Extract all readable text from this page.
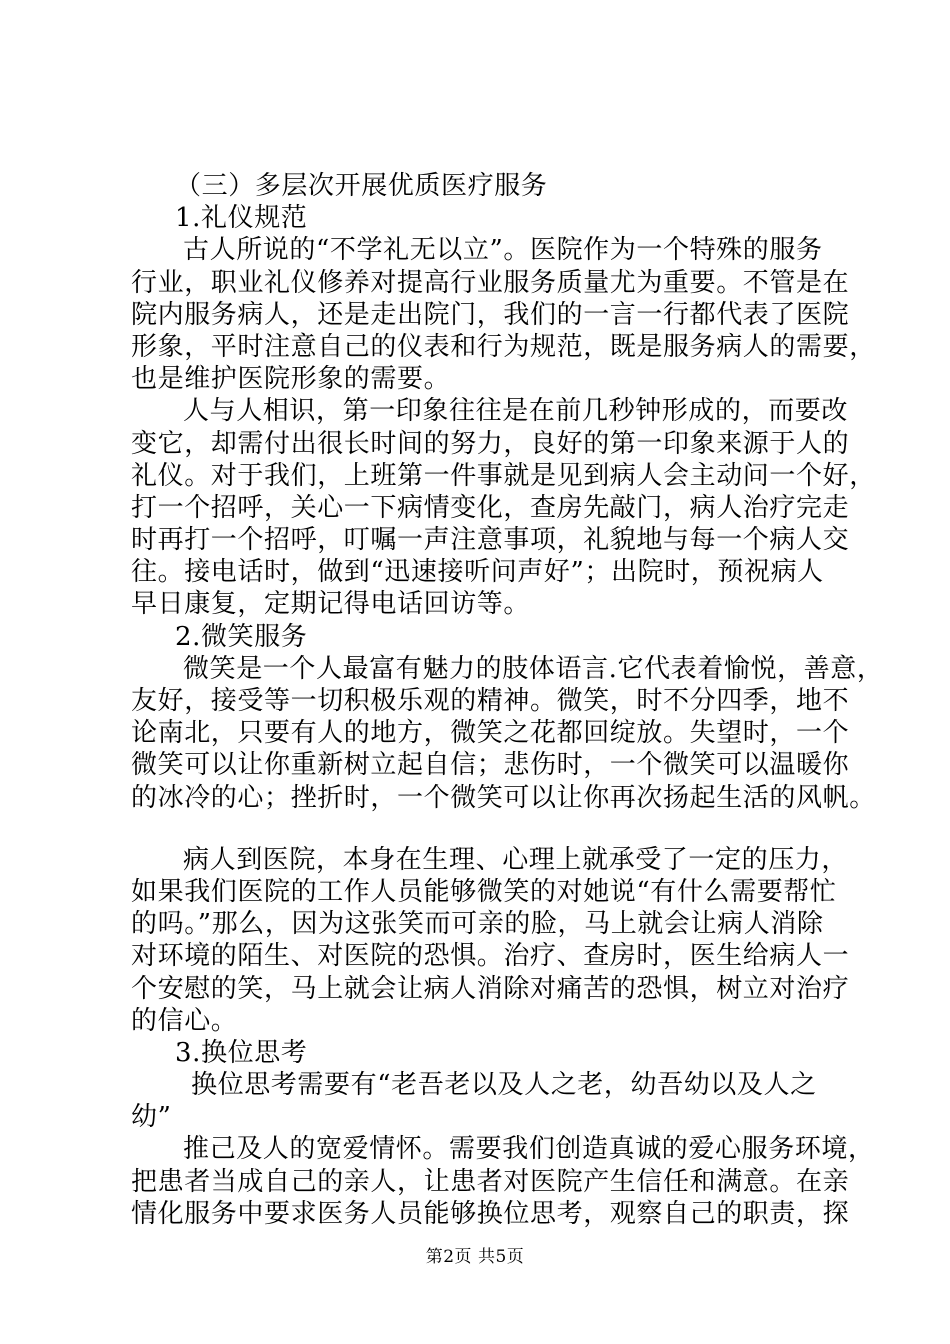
（三）多层次开展优质医疗服务
1.礼仪规范
古人所说的“不学礼无以立”。医院作为一个特殊的服务
行业，职业礼仪修养对提高行业服务质量尤为重要。不管是在
院内服务病人，还是走出院门，我们的一言一行都代表了医院
形象，平时注意自己的仪表和行为规范，既是服务病人的需要，
也是维护医院形象的需要。
人与人相识，第一印象往往是在前几秒钟形成的，而要改
变它，却需付出很长时间的努力，良好的第一印象来源于人的
礼仪。对于我们，上班第一件事就是见到病人会主动问一个好，
打一个招呼，关心一下病情变化，查房先敲门，病人治疗完走
时再打一个招呼，叮嘱一声注意事项，礼貌地与每一个病人交
往。接电话时，做到“迅速接听问声好”；出院时，预祝病人
早日康复，定期记得电话回访等。
2.微笑服务
微笑是一个人最富有魅力的肢体语言.它代表着愉悦，善意，
友好，接受等一切积极乐观的精神。微笑，时不分四季，地不
论南北，只要有人的地方，微笑之花都回绽放。失望时，一个
微笑可以让你重新树立起自信；悲伤时，一个微笑可以温暖你
的冰冷的心；挫折时，一个微笑可以让你再次扬起生活的风帆。
病人到医院，本身在生理、心理上就承受了一定的压力，
如果我们医院的工作人员能够微笑的对她说“有什么需要帮忙
的吗。”那么，因为这张笑而可亲的脸，马上就会让病人消除
对环境的陌生、对医院的恐惧。治疗、查房时，医生给病人一
个安慰的笑，马上就会让病人消除对痛苦的恐惧，树立对治疗
的信心。
3.换位思考
换位思考需要有“老吾老以及人之老，幼吾幼以及人之
幼”
推己及人的宽爱情怀。需要我们创造真诚的爱心服务环境，
把患者当成自己的亲人，让患者对医院产生信任和满意。在亲
情化服务中要求医务人员能够换位思考，观察自己的职责，探
第2页 共5页
